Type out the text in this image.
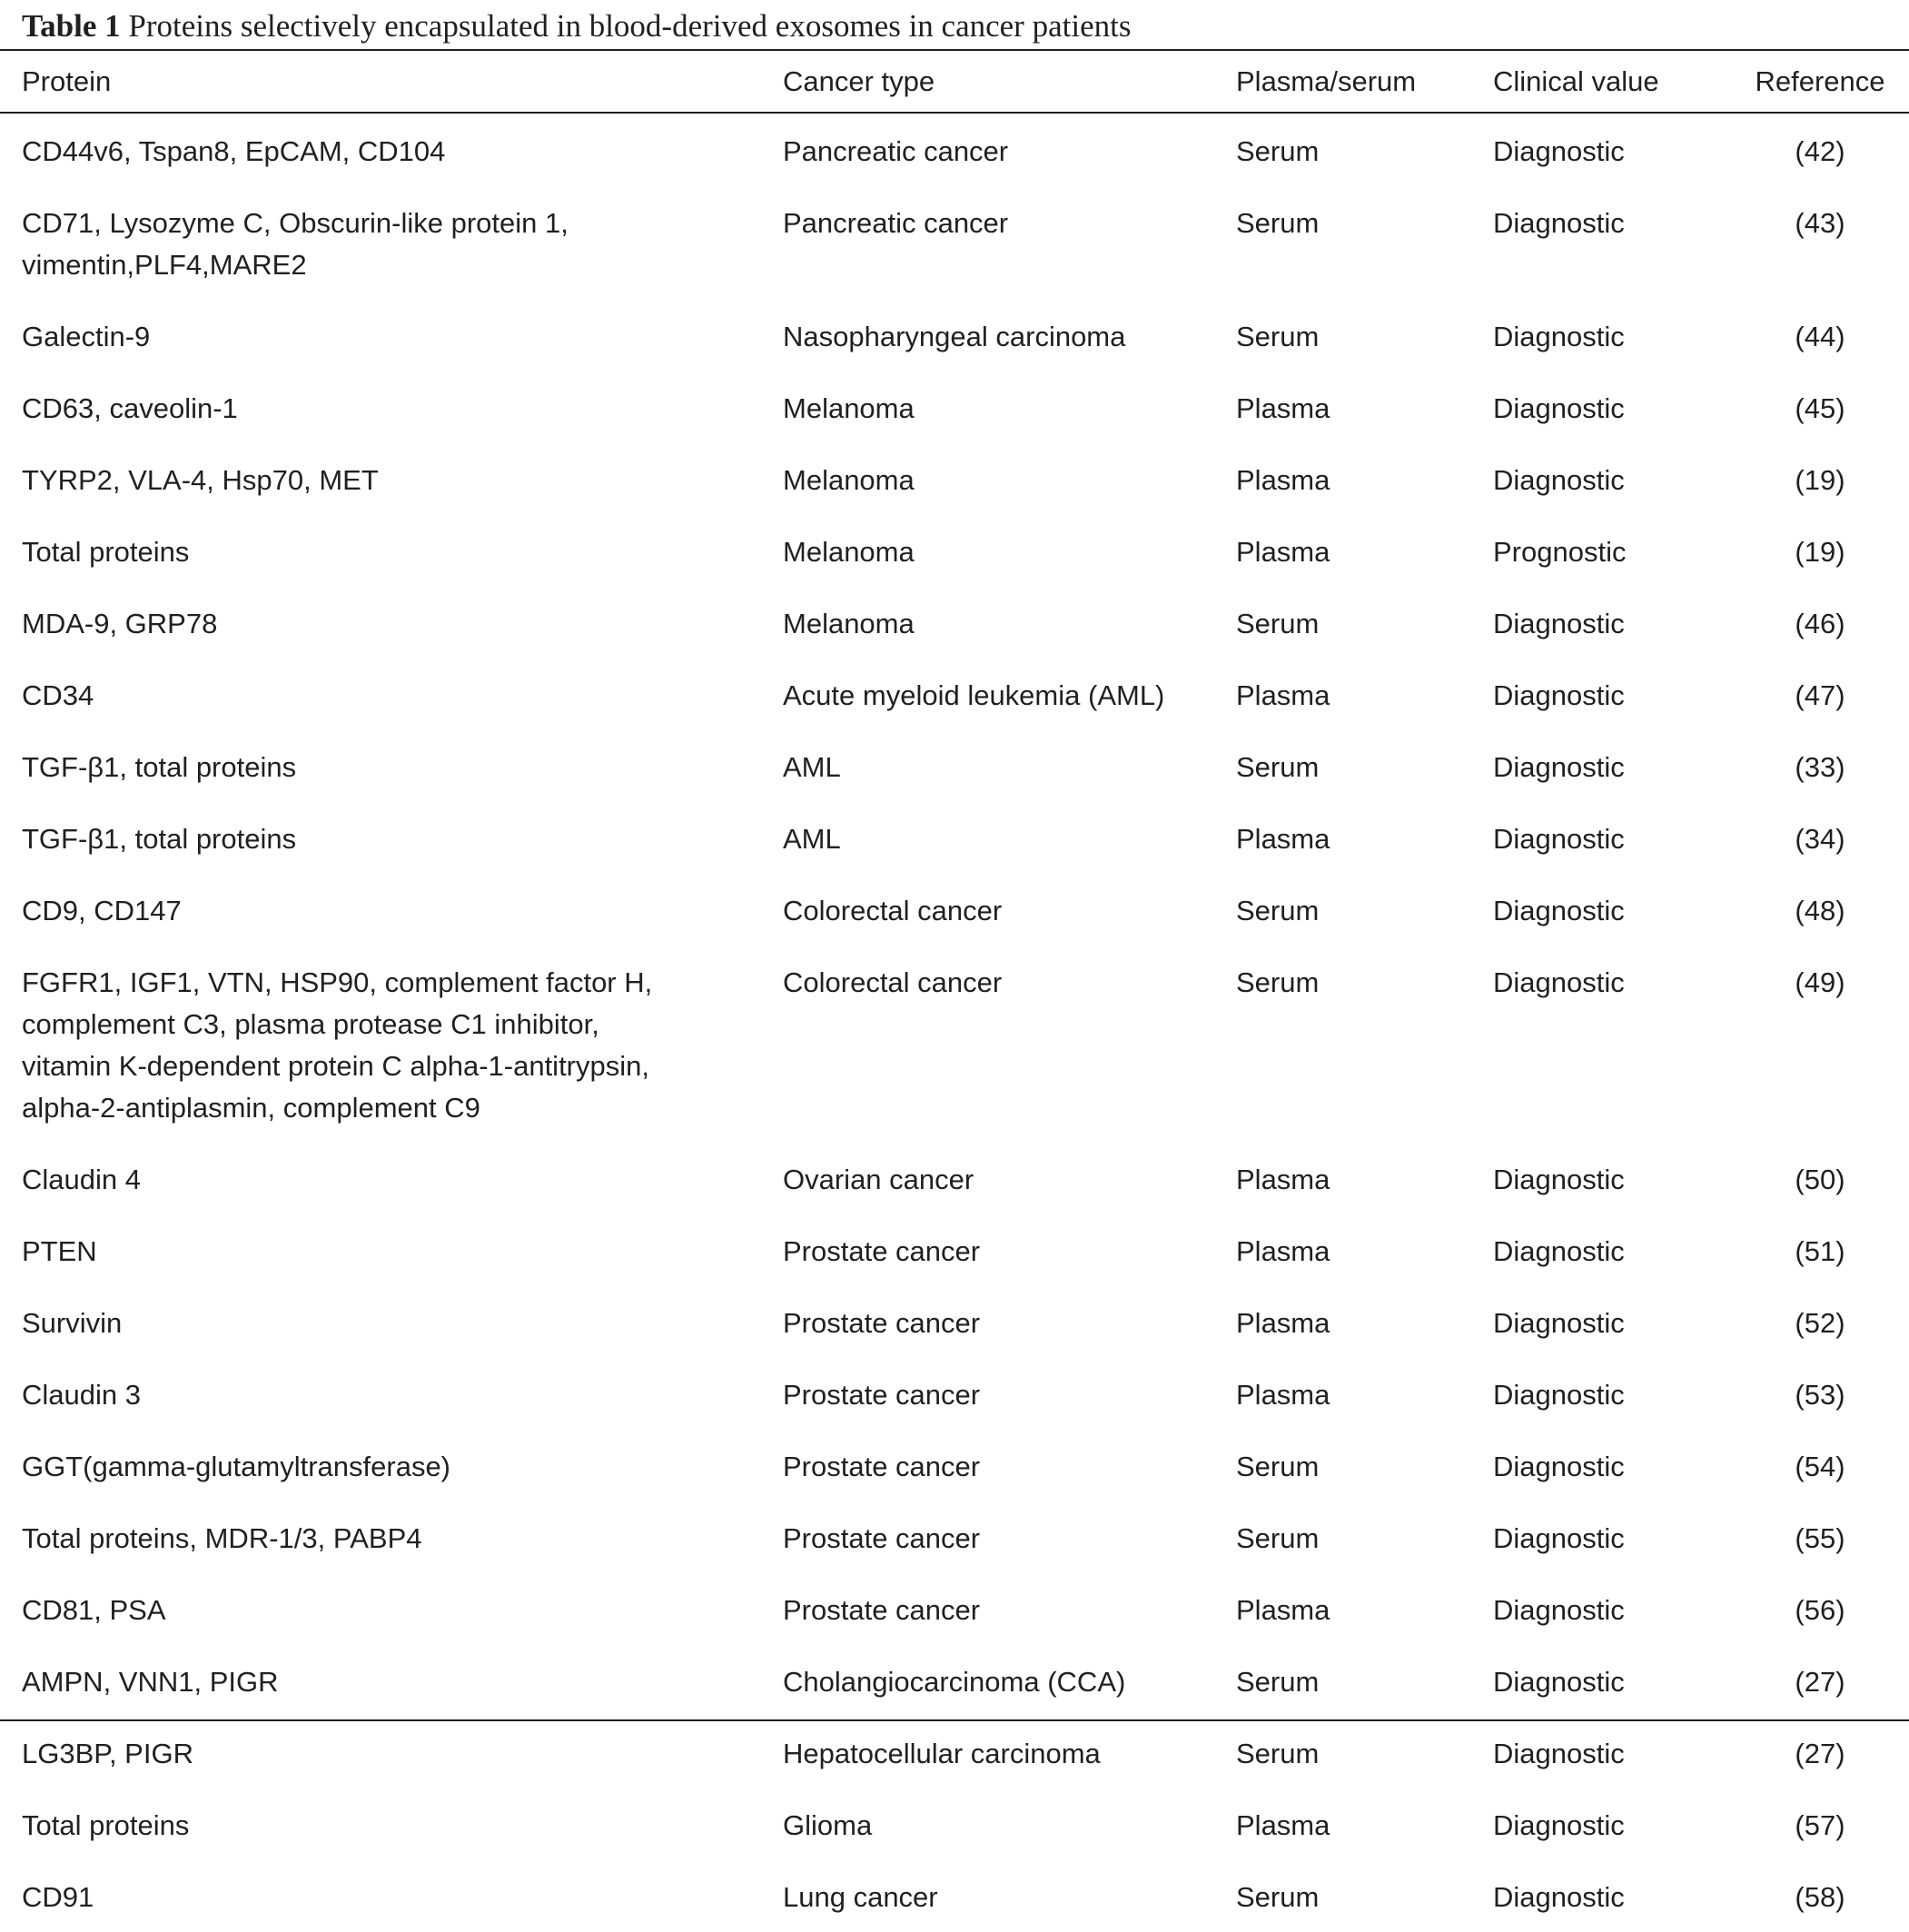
Table 1 Proteins selectively encapsulated in blood-derived exosomes in cancer patients
Protein	Cancer type	Plasma/serum	Clinical value	Reference

CD44v6, Tspan8, EpCAM, CD104	Pancreatic cancer	Serum	Diagnostic	(42)

CD71, Lysozyme C, Obscurin-like protein 1,
vimentin,PLF4,MARE2	Pancreatic cancer	Serum	Diagnostic	(43)

Galectin-9	Nasopharyngeal carcinoma	Serum	Diagnostic	(44)

CD63, caveolin-1	Melanoma	Plasma	Diagnostic	(45)

TYRP2, VLA-4, Hsp70, MET	Melanoma	Plasma	Diagnostic	(19)

Total proteins	Melanoma	Plasma	Prognostic	(19)

MDA-9, GRP78	Melanoma	Serum	Diagnostic	(46)

CD34	Acute myeloid leukemia (AML)	Plasma	Diagnostic	(47)

TGF-β1, total proteins	AML	Serum	Diagnostic	(33)

TGF-β1, total proteins	AML	Plasma	Diagnostic	(34)

CD9, CD147	Colorectal cancer	Serum	Diagnostic	(48)

FGFR1, IGF1, VTN, HSP90, complement factor H,
complement C3, plasma protease C1 inhibitor,
vitamin K-dependent protein C alpha-1-antitrypsin,
alpha-2-antiplasmin, complement C9	Colorectal cancer	Serum	Diagnostic	(49)

Claudin 4	Ovarian cancer	Plasma	Diagnostic	(50)

PTEN	Prostate cancer	Plasma	Diagnostic	(51)

Survivin	Prostate cancer	Plasma	Diagnostic	(52)

Claudin 3	Prostate cancer	Plasma	Diagnostic	(53)

GGT(gamma-glutamyltransferase)	Prostate cancer	Serum	Diagnostic	(54)

Total proteins, MDR-1/3, PABP4	Prostate cancer	Serum	Diagnostic	(55)

CD81, PSA	Prostate cancer	Plasma	Diagnostic	(56)

AMPN, VNN1, PIGR	Cholangiocarcinoma (CCA)	Serum	Diagnostic	(27)

LG3BP, PIGR	Hepatocellular carcinoma	Serum	Diagnostic	(27)

Total proteins	Glioma	Plasma	Diagnostic	(57)

CD91	Lung cancer	Serum	Diagnostic	(58)
